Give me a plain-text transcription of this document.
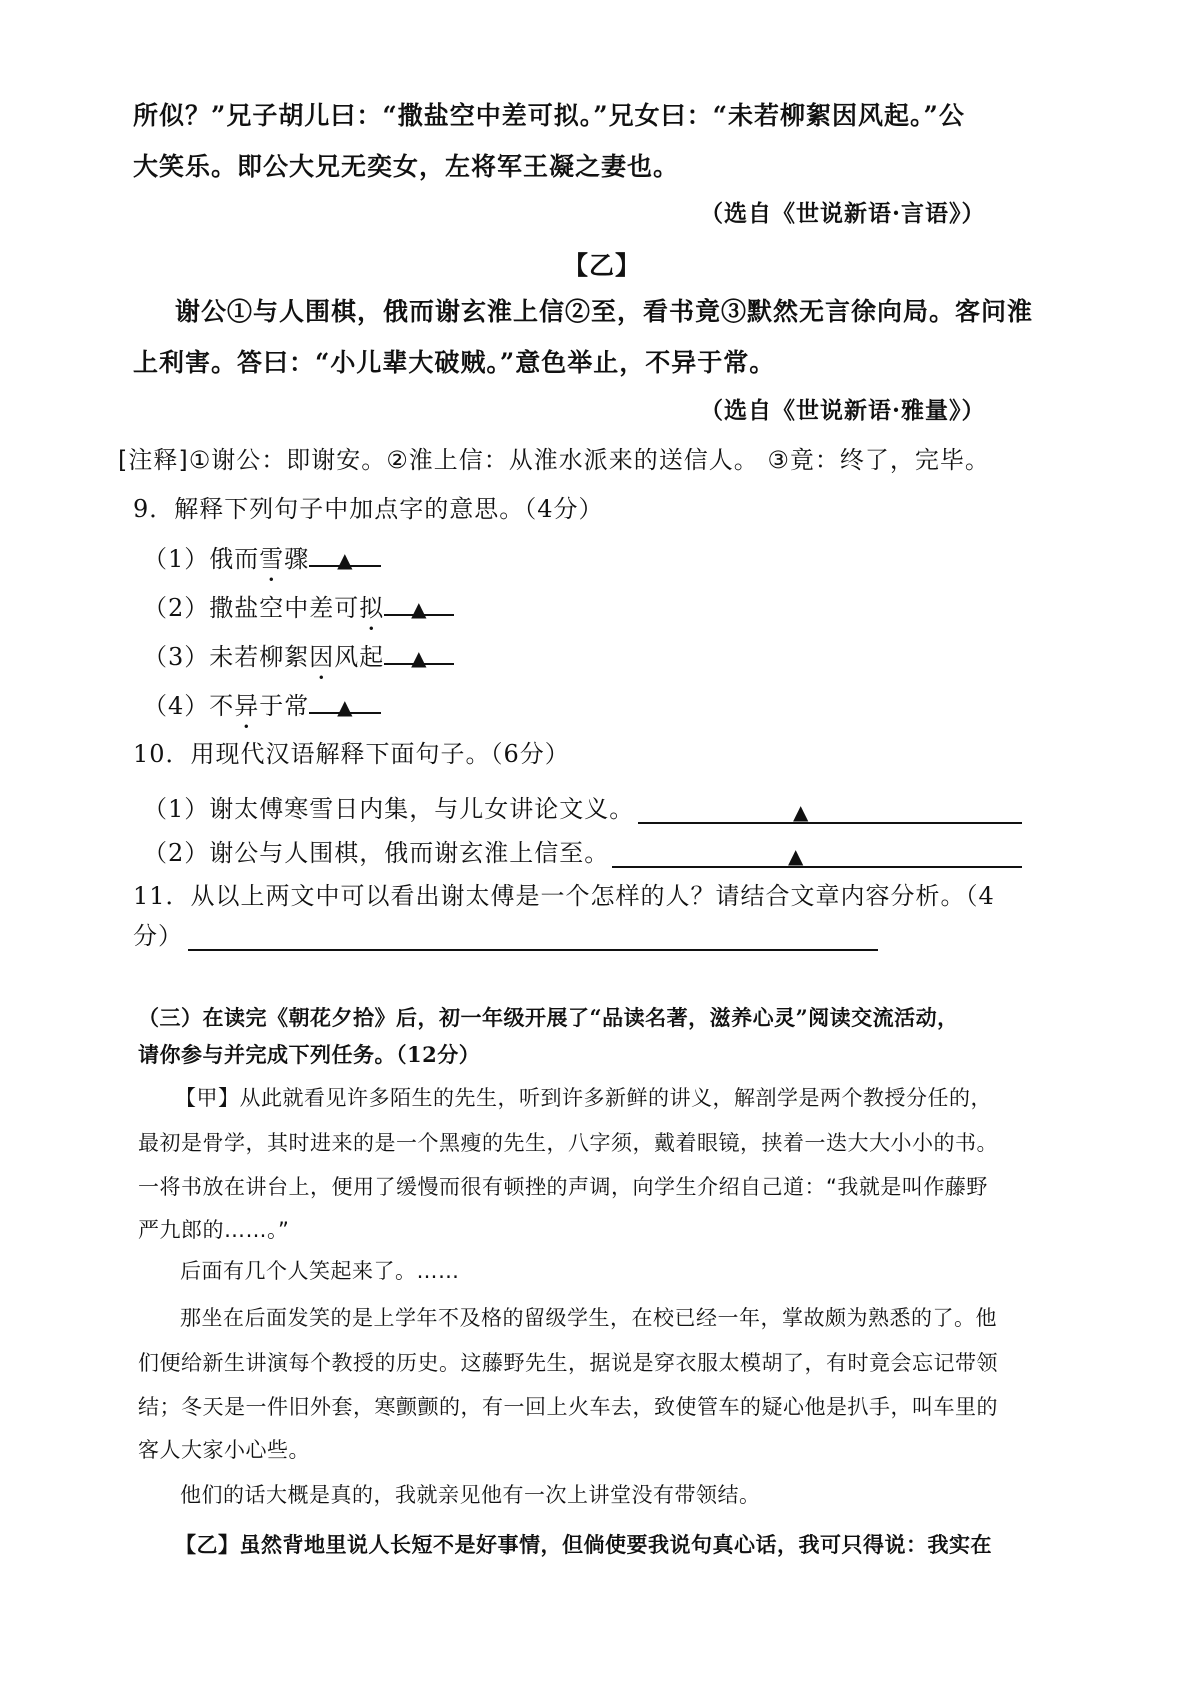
所似？”兄子胡儿曰：“撒盐空中差可拟。”兄女曰：“未若柳絮因风起。”公
大笑乐。即公大兄无奕女，左将军王凝之妻也。
（选自《世说新语·言语》）
【乙】
谢公①与人围棋，俄而谢玄淮上信②至，看书竟③默然无言徐向局。客问淮
上利害。答曰：“小儿辈大破贼。”意色举止，不异于常。
（选自《世说新语·雅量》）
[注释]①谢公：即谢安。②淮上信：从淮水派来的送信人。 ③竟：终了，完毕。
9．解释下列句子中加点字的意思。（4分）
（1）俄而雪骤 ▲
（2）撒盐空中差可拟 ▲
（3）未若柳絮因风起 ▲
（4）不异于常 ▲
10．用现代汉语解释下面句子。（6分）
（1）谢太傅寒雪日内集，与儿女讲论文义。	▲
（2）谢公与人围棋，俄而谢玄淮上信至。	▲
11．从以上两文中可以看出谢太傅是一个怎样的人？请结合文章内容分析。（4
分）
（三）在读完《朝花夕拾》后，初一年级开展了“品读名著，滋养心灵”阅读交流活动，
请你参与并完成下列任务。（12分）
【甲】从此就看见许多陌生的先生，听到许多新鲜的讲义，解剖学是两个教授分任的，
最初是骨学，其时进来的是一个黑瘦的先生，八字须，戴着眼镜，挟着一迭大大小小的书。
一将书放在讲台上，便用了缓慢而很有顿挫的声调，向学生介绍自己道：“我就是叫作藤野
严九郎的……。”
后面有几个人笑起来了。……
那坐在后面发笑的是上学年不及格的留级学生，在校已经一年，掌故颇为熟悉的了。他
们便给新生讲演每个教授的历史。这藤野先生，据说是穿衣服太模胡了，有时竟会忘记带领
结；冬天是一件旧外套，寒颤颤的，有一回上火车去，致使管车的疑心他是扒手，叫车里的
客人大家小心些。
他们的话大概是真的，我就亲见他有一次上讲堂没有带领结。
【乙】虽然背地里说人长短不是好事情，但倘使要我说句真心话，我可只得说：我实在
